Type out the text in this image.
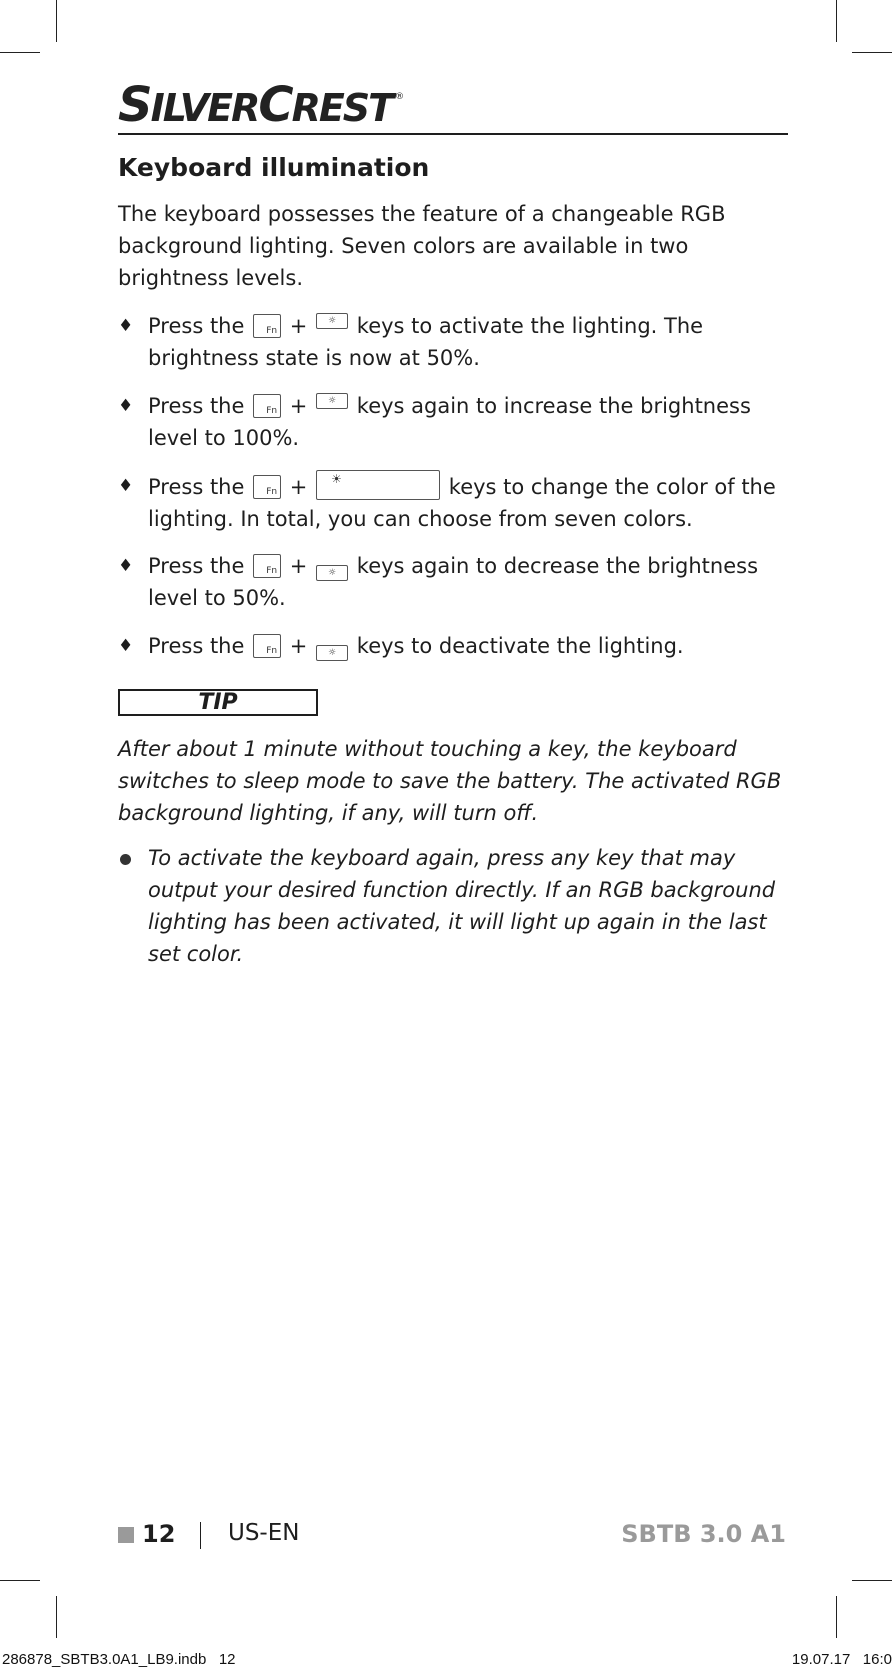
SILVERCREST ®
Keyboard illumination
The keyboard possesses the feature of a changeable RGB background lighting. Seven colors are available in two brightness levels.
♦ Press the Fn + ☼ keys to activate the lighting. The brightness state is now at 50%.
♦ Press the Fn + ☼ keys again to increase the brightness level to 100%.
♦ Press the Fn + ☀	keys to change the color of the lighting. In total, you can choose from seven colors.
♦ Press the Fn + ☼ keys again to decrease the brightness level to 50%.
♦ Press the Fn + ☼ keys to deactivate the lighting.
TIP
After about 1 minute without touching a key, the keyboard switches to sleep mode to save the battery. The activated RGB background lighting, if any, will turn off.
To activate the keyboard again, press any key that may output your desired function directly. If an RGB background lighting has been activated, it will light up again in the last set color.
12 US-EN	SBTB 3.0 A1
286878_SBTB3.0A1_LB9.indb   12	19.07.17   16:0
